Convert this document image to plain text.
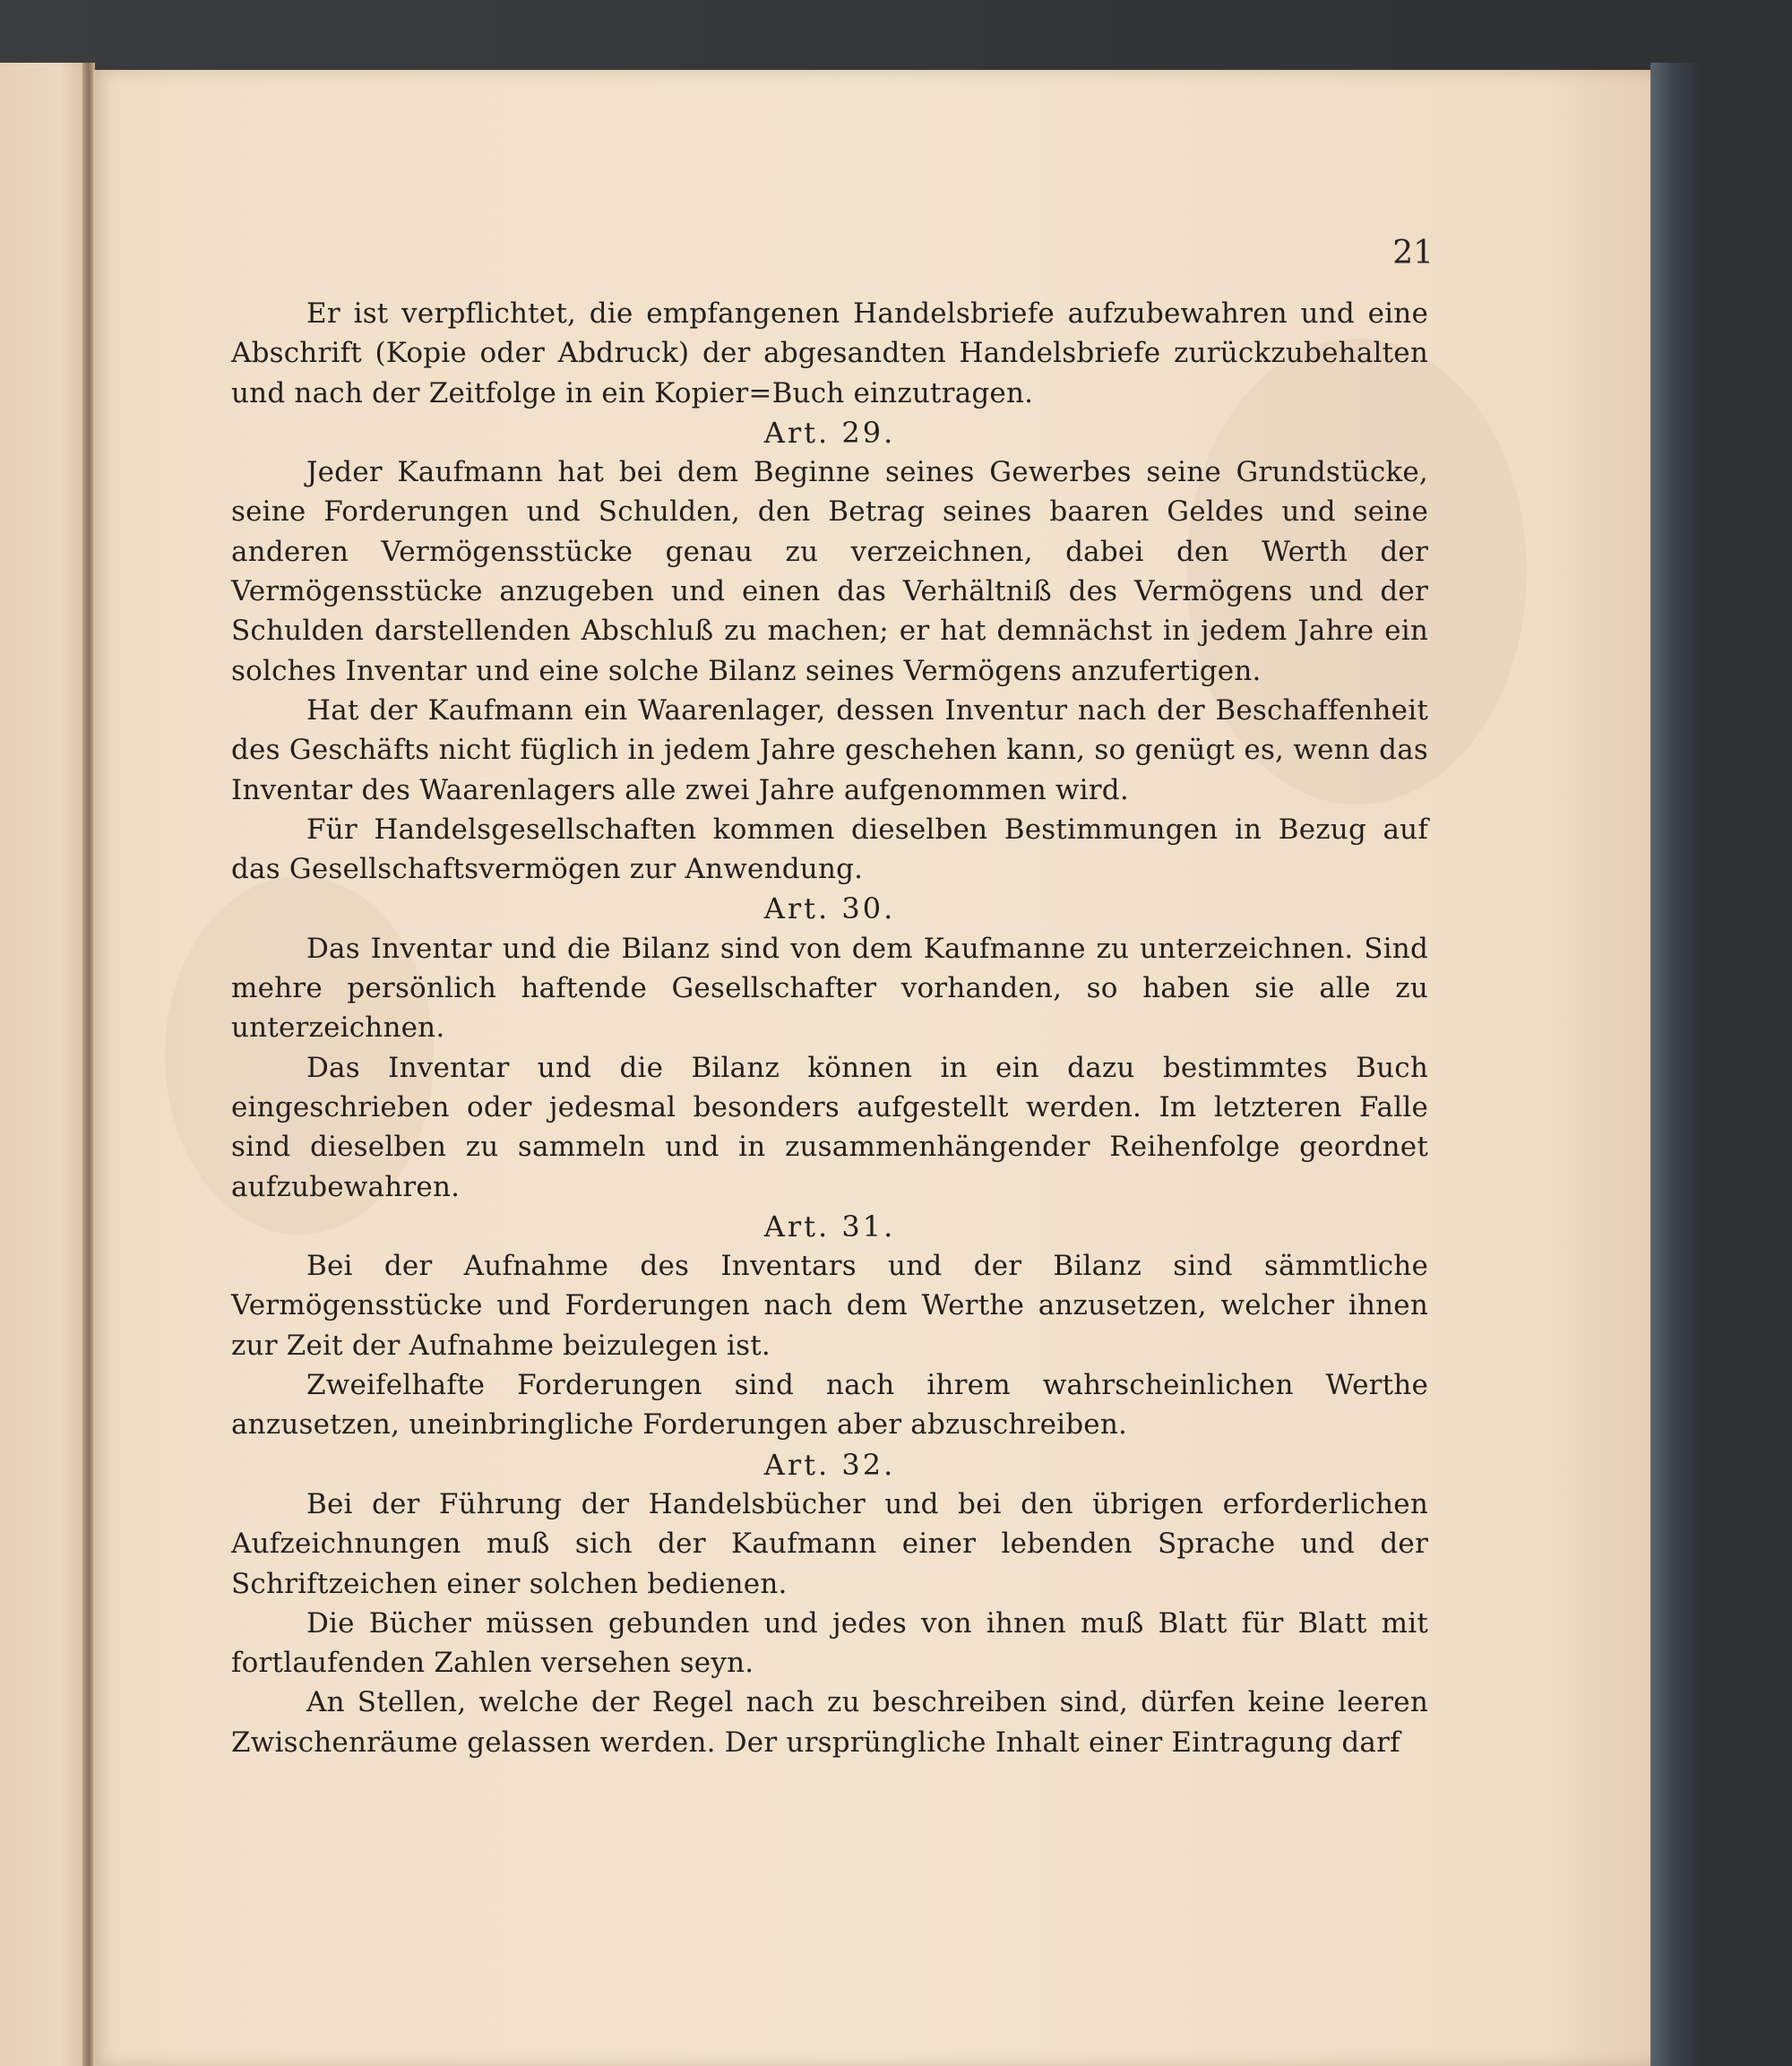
21

Er ist verpflichtet, die empfangenen Handelsbriefe aufzubewahren und eine Abschrift (Kopie oder Abdruck) der abgesandten Handelsbriefe zurückzubehalten und nach der Zeitfolge in ein Kopier=Buch einzutragen.

Art. 29.

Jeder Kaufmann hat bei dem Beginne seines Gewerbes seine Grundstücke, seine Forderungen und Schulden, den Betrag seines baaren Geldes und seine anderen Vermögensstücke genau zu verzeichnen, dabei den Werth der Vermögensstücke anzugeben und einen das Verhältniß des Vermögens und der Schulden darstellenden Abschluß zu machen; er hat demnächst in jedem Jahre ein solches Inventar und eine solche Bilanz seines Vermögens anzufertigen.

Hat der Kaufmann ein Waarenlager, dessen Inventur nach der Beschaffenheit des Geschäfts nicht füglich in jedem Jahre geschehen kann, so genügt es, wenn das Inventar des Waarenlagers alle zwei Jahre aufgenommen wird.

Für Handelsgesellschaften kommen dieselben Bestimmungen in Bezug auf das Gesellschaftsvermögen zur Anwendung.

Art. 30.

Das Inventar und die Bilanz sind von dem Kaufmanne zu unterzeichnen. Sind mehre persönlich haftende Gesellschafter vorhanden, so haben sie alle zu unterzeichnen.

Das Inventar und die Bilanz können in ein dazu bestimmtes Buch eingeschrieben oder jedesmal besonders aufgestellt werden. Im letzteren Falle sind dieselben zu sammeln und in zusammenhängender Reihenfolge geordnet aufzubewahren.

Art. 31.

Bei der Aufnahme des Inventars und der Bilanz sind sämmtliche Vermögensstücke und Forderungen nach dem Werthe anzusetzen, welcher ihnen zur Zeit der Aufnahme beizulegen ist.

Zweifelhafte Forderungen sind nach ihrem wahrscheinlichen Werthe anzusetzen, uneinbringliche Forderungen aber abzuschreiben.

Art. 32.

Bei der Führung der Handelsbücher und bei den übrigen erforderlichen Aufzeichnungen muß sich der Kaufmann einer lebenden Sprache und der Schriftzeichen einer solchen bedienen.

Die Bücher müssen gebunden und jedes von ihnen muß Blatt für Blatt mit fortlaufenden Zahlen versehen seyn.

An Stellen, welche der Regel nach zu beschreiben sind, dürfen keine leeren Zwischenräume gelassen werden. Der ursprüngliche Inhalt einer Eintragung darf
